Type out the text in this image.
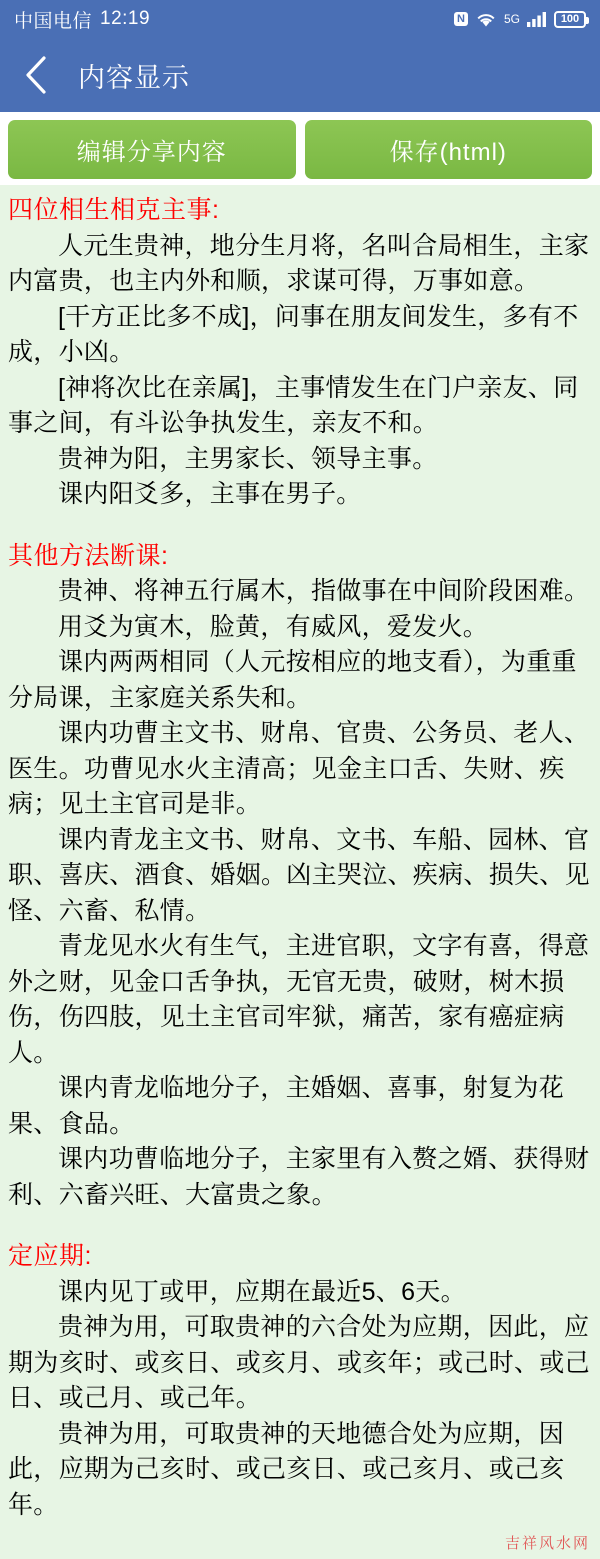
中国电信 12:19	N	5G	100
内容显示
编辑分享内容	保存(html)
四位相生相克主事:

人元生贵神，地分生月将，名叫合局相生，主家内富贵，也主内外和顺，求谋可得，万事如意。

[干方正比多不成]，问事在朋友间发生，多有不成，小凶。

[神将次比在亲属]，主事情发生在门户亲友、同事之间，有斗讼争执发生，亲友不和。

贵神为阳，主男家长、领导主事。

课内阳爻多，主事在男子。

其他方法断课:

贵神、将神五行属木，指做事在中间阶段困难。

用爻为寅木，脸黄，有威风，爱发火。

课内两两相同（人元按相应的地支看），为重重分局课，主家庭关系失和。

课内功曹主文书、财帛、官贵、公务员、老人、医生。功曹见水火主清高；见金主口舌、失财、疾病；见土主官司是非。

课内青龙主文书、财帛、文书、车船、园林、官职、喜庆、酒食、婚姻。凶主哭泣、疾病、损失、见怪、六畜、私情。

青龙见水火有生气，主进官职，文字有喜，得意外之财，见金口舌争执，无官无贵，破财，树木损伤，伤四肢，见土主官司牢狱，痛苦，家有癌症病人。

课内青龙临地分子，主婚姻、喜事，射复为花果、食品。

课内功曹临地分子，主家里有入赘之婿、获得财利、六畜兴旺、大富贵之象。

定应期:

课内见丁或甲，应期在最近5、6天。

贵神为用，可取贵神的六合处为应期，因此，应期为亥时、或亥日、或亥月、或亥年；或己时、或己日、或己月、或己年。

贵神为用，可取贵神的天地德合处为应期，因此，应期为己亥时、或己亥日、或己亥月、或己亥年。

吉祥风水网
